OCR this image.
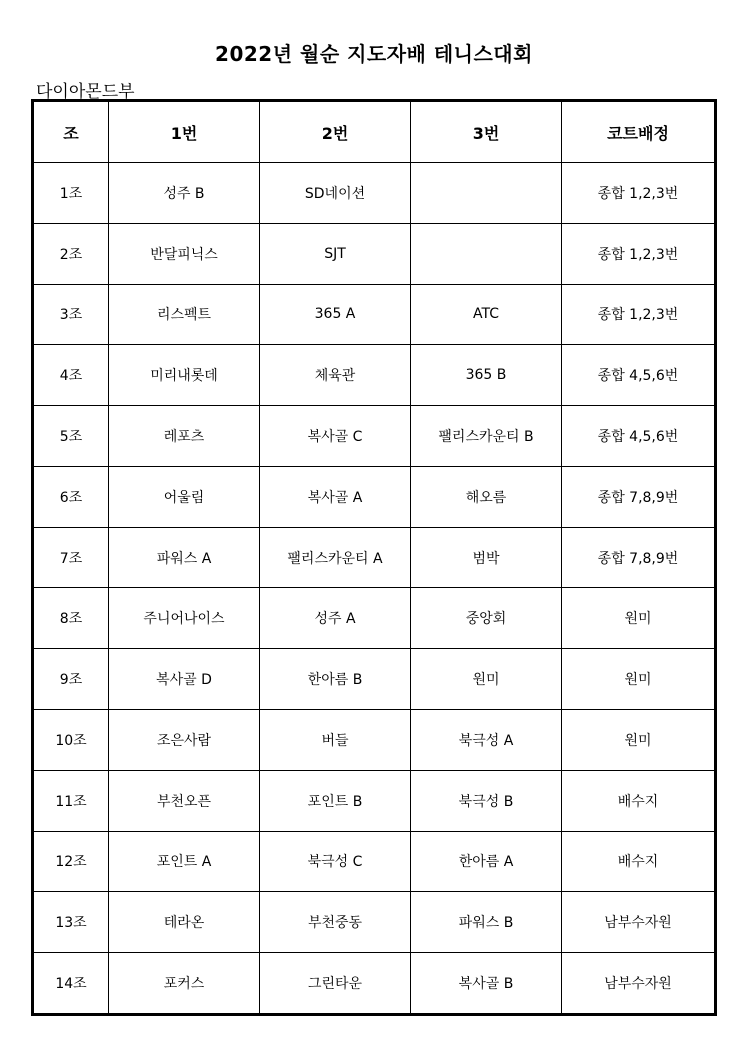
2022년 월순 지도자배 테니스대회
다이아몬드부
조	1번	2번	3번	코트배정
1조	성주 B	SD네이션		종합 1,2,3번
2조	반달피닉스	SJT		종합 1,2,3번
3조	리스펙트	365 A	ATC	종합 1,2,3번
4조	미리내롯데	체육관	365 B	종합 4,5,6번
5조	레포츠	복사골 C	팰리스카운티 B	종합 4,5,6번
6조	어울림	복사골 A	해오름	종합 7,8,9번
7조	파워스 A	팰리스카운티 A	범박	종합 7,8,9번
8조	주니어나이스	성주 A	중앙회	원미
9조	복사골 D	한아름 B	원미	원미
10조	조은사람	버들	북극성 A	원미
11조	부천오픈	포인트 B	북극성 B	배수지
12조	포인트 A	북극성 C	한아름 A	배수지
13조	테라온	부천중동	파워스 B	남부수자원
14조	포커스	그린타운	복사골 B	남부수자원
